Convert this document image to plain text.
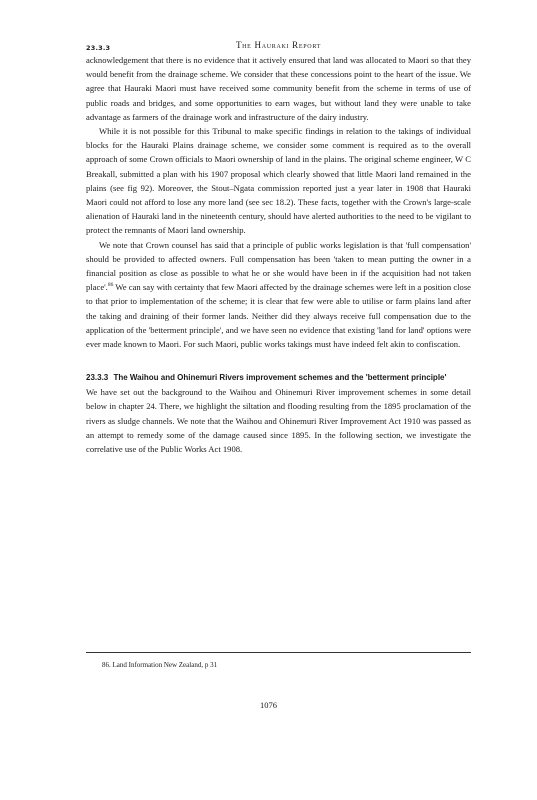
23.3.3	The Hauraki Report

acknowledgement that there is no evidence that it actively ensured that land was allocated to Maori so that they would benefit from the drainage scheme. We consider that these concessions point to the heart of the issue. We agree that Hauraki Maori must have received some community benefit from the scheme in terms of use of public roads and bridges, and some opportunities to earn wages, but without land they were unable to take advantage as farmers of the drainage work and infrastructure of the dairy industry.

While it is not possible for this Tribunal to make specific findings in relation to the takings of individual blocks for the Hauraki Plains drainage scheme, we consider some comment is required as to the overall approach of some Crown officials to Maori ownership of land in the plains. The original scheme engineer, W C Breakall, submitted a plan with his 1907 proposal which clearly showed that little Maori land remained in the plains (see fig 92). Moreover, the Stout–Ngata commission reported just a year later in 1908 that Hauraki Maori could not afford to lose any more land (see sec 18.2). These facts, together with the Crown's large-scale alienation of Hauraki land in the nineteenth century, should have alerted authorities to the need to be vigilant to protect the remnants of Maori land ownership.

We note that Crown counsel has said that a principle of public works legislation is that 'full compensation' should be provided to affected owners. Full compensation has been 'taken to mean putting the owner in a financial position as close as possible to what he or she would have been in if the acquisition had not taken place'.$^{86}$ We can say with certainty that few Maori affected by the drainage schemes were left in a position close to that prior to implementation of the scheme; it is clear that few were able to utilise or farm plains land after the taking and draining of their former lands. Neither did they always receive full compensation due to the application of the 'betterment principle', and we have seen no evidence that existing 'land for land' options were ever made known to Maori. For such Maori, public works takings must have indeed felt akin to confiscation.

23.3.3 The Waihou and Ohinemuri Rivers improvement schemes and the 'betterment principle'

We have set out the background to the Waihou and Ohinemuri River improvement schemes in some detail below in chapter 24. There, we highlight the siltation and flooding resulting from the 1895 proclamation of the rivers as sludge channels. We note that the Waihou and Ohinemuri River Improvement Act 1910 was passed as an attempt to remedy some of the damage caused since 1895. In the following section, we investigate the correlative use of the Public Works Act 1908.

86. Land Information New Zealand, p 31
1076
